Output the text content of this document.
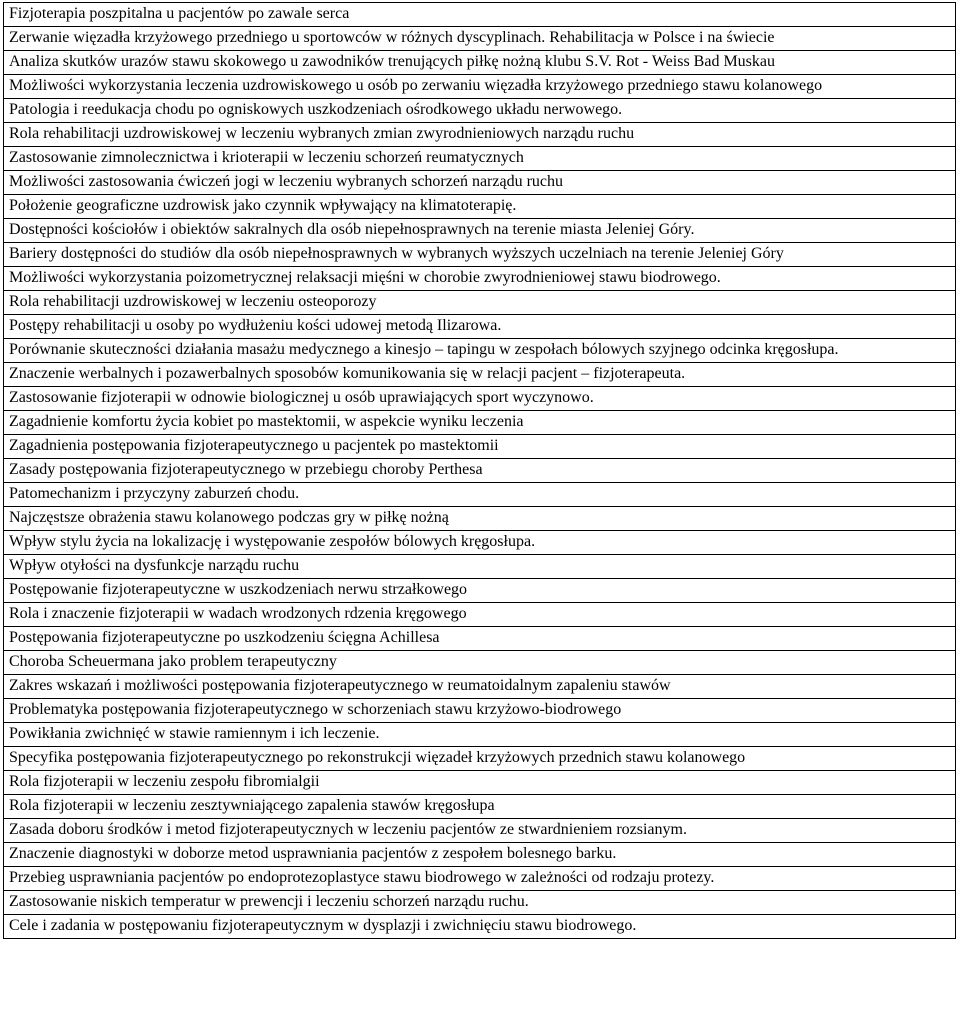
Fizjoterapia poszpitalna u pacjentów po zawale serca
Zerwanie więzadła krzyżowego przedniego u sportowców w różnych dyscyplinach. Rehabilitacja w Polsce i na świecie
Analiza skutków urazów stawu skokowego u zawodników trenujących piłkę nożną klubu S.V. Rot - Weiss Bad Muskau
Możliwości wykorzystania leczenia uzdrowiskowego u osób po zerwaniu więzadła krzyżowego przedniego stawu kolanowego
Patologia i reedukacja chodu po ogniskowych uszkodzeniach ośrodkowego układu nerwowego.
Rola rehabilitacji uzdrowiskowej w leczeniu wybranych zmian zwyrodnieniowych narządu ruchu
Zastosowanie zimnolecznictwa i krioterapii w leczeniu schorzeń reumatycznych
Możliwości zastosowania ćwiczeń jogi w leczeniu wybranych schorzeń narządu ruchu
Położenie geograficzne uzdrowisk jako czynnik wpływający na klimatoterapię.
Dostępności kościołów i obiektów sakralnych dla osób niepełnosprawnych na terenie miasta Jeleniej Góry.
Bariery dostępności do studiów dla osób niepełnosprawnych w wybranych wyższych uczelniach na terenie Jeleniej Góry
Możliwości wykorzystania poizometrycznej relaksacji mięśni w chorobie zwyrodnieniowej stawu biodrowego.
Rola rehabilitacji uzdrowiskowej w leczeniu osteoporozy
Postępy rehabilitacji u osoby po wydłużeniu kości udowej metodą Ilizarowa.
Porównanie skuteczności działania masażu medycznego a kinesjo – tapingu w zespołach bólowych szyjnego odcinka kręgosłupa.
Znaczenie werbalnych i pozawerbalnych sposobów komunikowania się w relacji pacjent – fizjoterapeuta.
Zastosowanie fizjoterapii w odnowie biologicznej u osób uprawiających sport wyczynowo.
Zagadnienie komfortu życia kobiet po mastektomii, w aspekcie wyniku leczenia
Zagadnienia postępowania fizjoterapeutycznego u pacjentek po mastektomii
Zasady postępowania fizjoterapeutycznego w przebiegu choroby Perthesa
Patomechanizm i przyczyny zaburzeń chodu.
Najczęstsze obrażenia stawu kolanowego podczas gry w piłkę nożną
Wpływ stylu życia na lokalizację i występowanie zespołów bólowych kręgosłupa.
Wpływ otyłości na dysfunkcje narządu ruchu
Postępowanie fizjoterapeutyczne w uszkodzeniach nerwu strzałkowego
Rola i znaczenie fizjoterapii w wadach wrodzonych rdzenia kręgowego
Postępowania fizjoterapeutyczne po uszkodzeniu ścięgna Achillesa
Choroba Scheuermana jako problem terapeutyczny
Zakres wskazań i możliwości postępowania fizjoterapeutycznego w reumatoidalnym zapaleniu stawów
Problematyka postępowania fizjoterapeutycznego w schorzeniach stawu krzyżowo-biodrowego
Powikłania zwichnięć w stawie ramiennym i ich leczenie.
Specyfika postępowania fizjoterapeutycznego po rekonstrukcji więzadeł krzyżowych przednich stawu kolanowego
Rola fizjoterapii w leczeniu zespołu fibromialgii
Rola fizjoterapii w leczeniu zesztywniającego zapalenia stawów kręgosłupa
Zasada doboru środków i metod fizjoterapeutycznych w leczeniu pacjentów ze stwardnieniem rozsianym.
Znaczenie diagnostyki w doborze metod usprawniania pacjentów z zespołem bolesnego barku.
Przebieg usprawniania pacjentów po endoprotezoplastyce stawu biodrowego w zależności od rodzaju protezy.
Zastosowanie niskich temperatur w prewencji i leczeniu schorzeń narządu ruchu.
Cele i zadania w postępowaniu fizjoterapeutycznym w dysplazji i zwichnięciu stawu biodrowego.
